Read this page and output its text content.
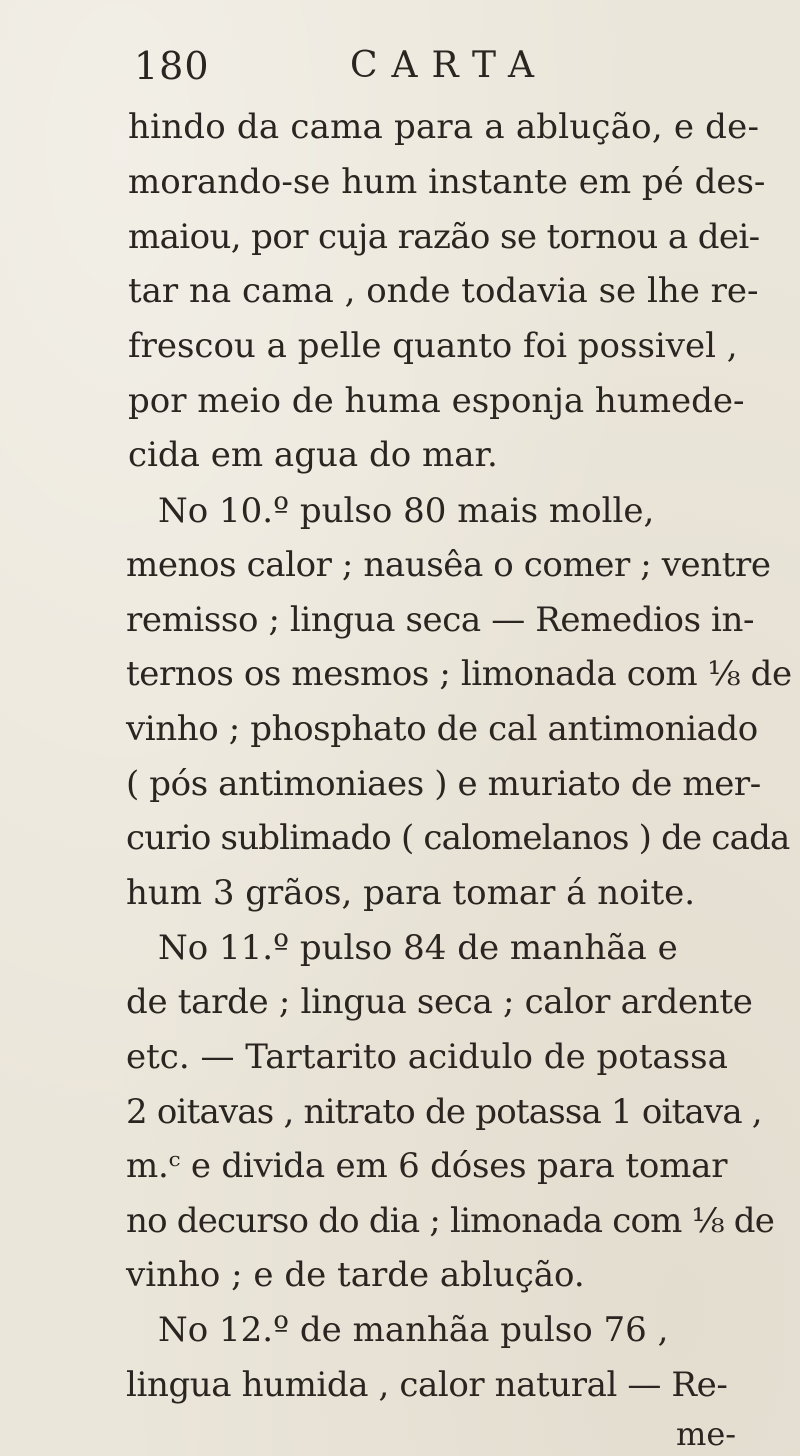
180	CARTA
hindo da cama para a ablução, e de-
morando-se hum instante em pé des-
maiou, por cuja razão se tornou a dei-
tar na cama , onde todavia se lhe re-
frescou a pelle quanto foi possivel ,
por meio de huma esponja humede-
cida em agua do mar.
No 10.º pulso 80 mais molle,
menos calor ; nausêa o comer ; ventre
remisso ; lingua seca — Remedios in-
ternos os mesmos ; limonada com ⅛ de
vinho ; phosphato de cal antimoniado
( pós antimoniaes ) e muriato de mer-
curio sublimado ( calomelanos ) de cada
hum 3 grãos, para tomar á noite.
No 11.º pulso 84 de manhãa e
de tarde ; lingua seca ; calor ardente
etc. — Tartarito acidulo de potassa
2 oitavas , nitrato de potassa 1 oitava ,
m.ᶜ e divida em 6 dóses para tomar
no decurso do dia ; limonada com ⅛ de
vinho ; e de tarde ablução.
No 12.º de manhãa pulso 76 ,
lingua humida , calor natural — Re-
me-
